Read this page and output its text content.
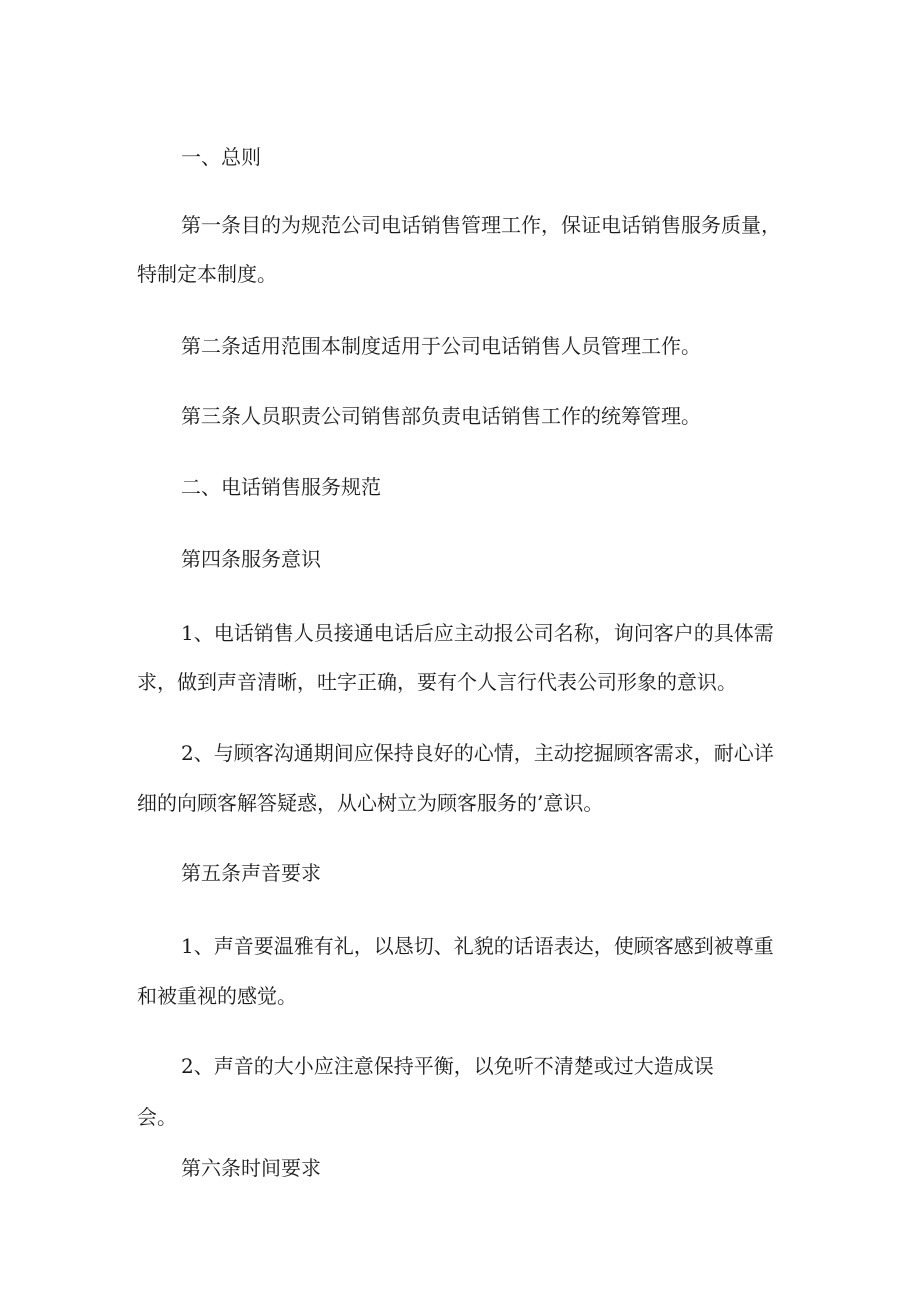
一、总则
第一条目的为规范公司电话销售管理工作，保证电话销售服务质量，
特制定本制度。
第二条适用范围本制度适用于公司电话销售人员管理工作。
第三条人员职责公司销售部负责电话销售工作的统筹管理。
二、电话销售服务规范
第四条服务意识
1、电话销售人员接通电话后应主动报公司名称，询问客户的具体需
求，做到声音清晰，吐字正确，要有个人言行代表公司形象的意识。
2、与顾客沟通期间应保持良好的心情，主动挖掘顾客需求，耐心详
细的向顾客解答疑惑，从心树立为顾客服务的’意识。
第五条声音要求
1、声音要温雅有礼，以恳切、礼貌的话语表达，使顾客感到被尊重
和被重视的感觉。
2、声音的大小应注意保持平衡，以免听不清楚或过大造成误
会。
第六条时间要求
